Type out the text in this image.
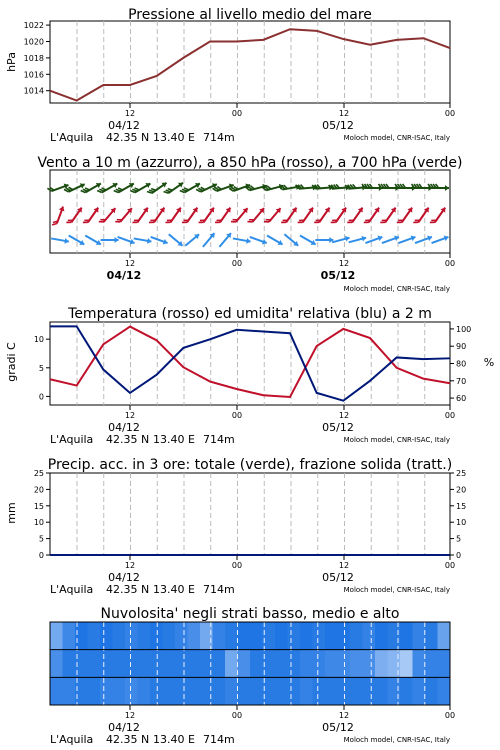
Pressione al livello medio del mare
hPa
1014
1016
1018
1020
1022
12	00	12	00
04/12	05/12
L'Aquila 42.35 N 13.40 E 714m	Moloch model, CNR-ISAC, Italy
Vento a 10 m (azzurro), a 850 hPa (rosso), a 700 hPa (verde)
12	00	12	00
04/12	05/12
Moloch model, CNR-ISAC, Italy
Temperatura (rosso) ed umidita' relativa (blu) a 2 m
gradi C	%
0
5
10
60
70
80
90
100
12	00	12	00
04/12	05/12
L'Aquila 42.35 N 13.40 E 714m	Moloch model, CNR-ISAC, Italy
Precip. acc. in 3 ore: totale (verde), frazione solida (tratt.)
mm
0	0
5	5
10	10
15	15
20	20
25	25
12	00	12	00
04/12	05/12
L'Aquila 42.35 N 13.40 E 714m	Moloch model, CNR-ISAC, Italy
Nuvolosita' negli strati basso, medio e alto
12	00	12	00
04/12	05/12
L'Aquila 42.35 N 13.40 E 714m	Moloch model, CNR-ISAC, Italy
